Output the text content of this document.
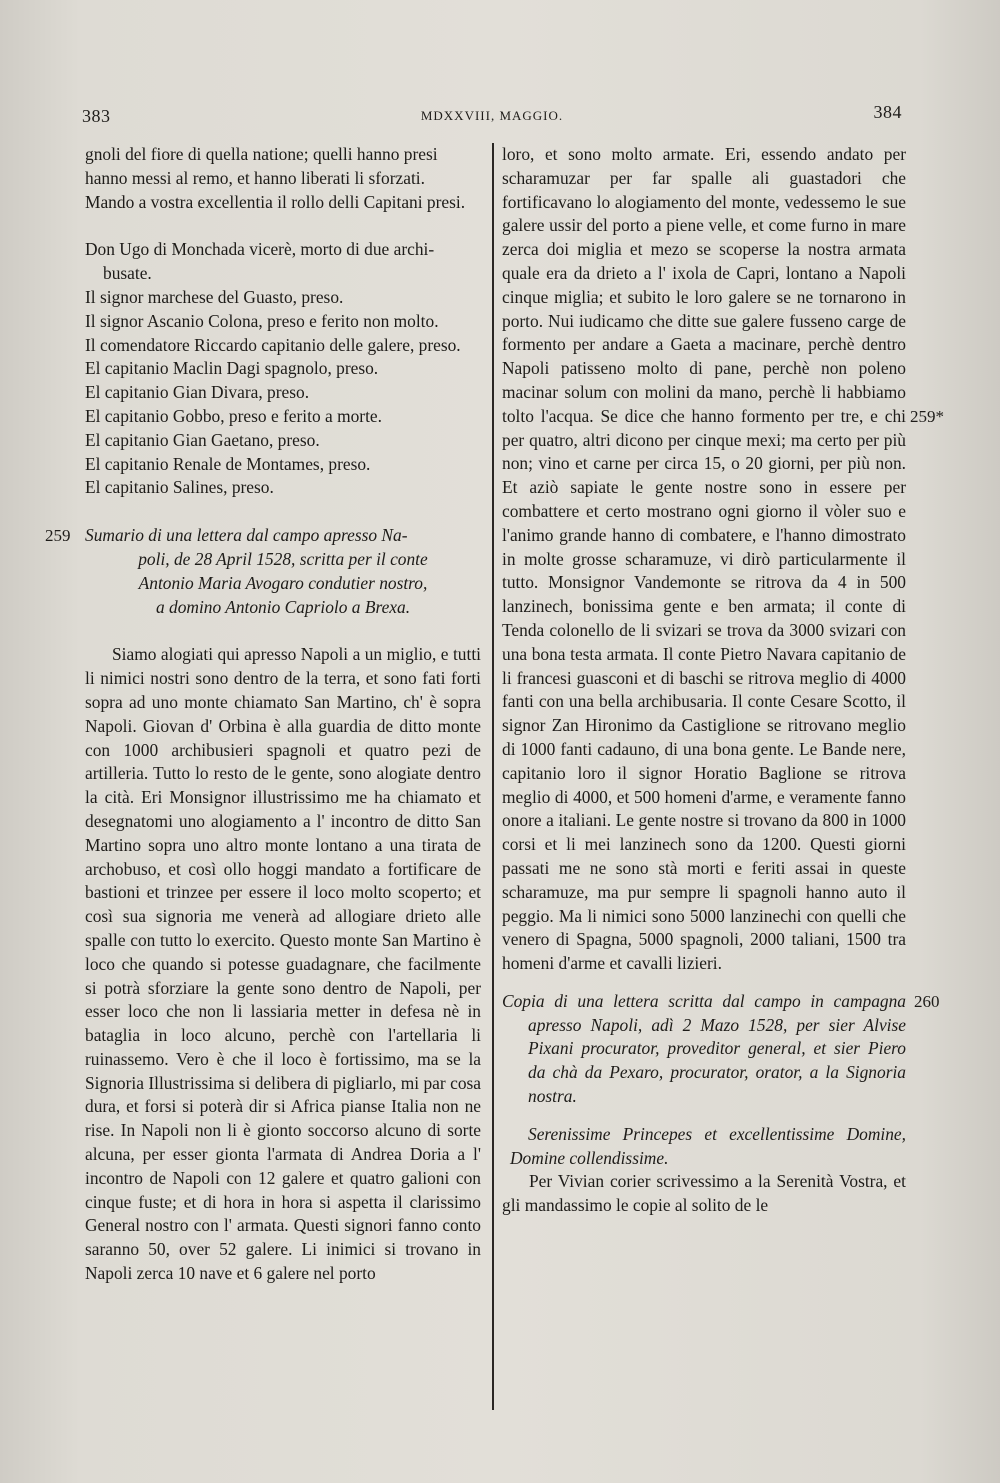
383	MDXXVIII, MAGGIO.	384

gnoli del fiore di quella natione; quelli hanno presi

hanno messi al remo, et hanno liberati li sforzati.

Mando a vostra excellentia il rollo delli Capitani presi.

Don Ugo di Monchada vicerè, morto di due archi-busate.

Il signor marchese del Guasto, preso.

Il signor Ascanio Colona, preso e ferito non molto.

Il comendatore Riccardo capitanio delle galere, preso.

El capitanio Maclin Dagi spagnolo, preso.

El capitanio Gian Divara, preso.

El capitanio Gobbo, preso e ferito a morte.

El capitanio Gian Gaetano, preso.

El capitanio Renale de Montames, preso.

El capitanio Salines, preso.

259 Sumario di una lettera dal campo apresso Na-
poli, de 28 April 1528, scritta per il conte
Antonio Maria Avogaro condutier nostro,
a domino Antonio Capriolo a Brexa.

Siamo alogiati qui apresso Napoli a un miglio, e tutti li nimici nostri sono dentro de la terra, et sono fati forti sopra ad uno monte chiamato San Martino, ch' è sopra Napoli. Giovan d' Orbina è alla guardia de ditto monte con 1000 archibusieri spagnoli et quatro pezi de artilleria. Tutto lo resto de le gente, sono alogiate dentro la cità. Eri Monsignor illustrissimo me ha chiamato et desegnatomi uno alogiamento a l' incontro de ditto San Martino sopra uno altro monte lontano a una tirata de archobuso, et così ollo hoggi mandato a fortificare de bastioni et trinzee per essere il loco molto scoperto; et così sua signoria me venerà ad allogiare drieto alle spalle con tutto lo exercito. Questo monte San Martino è loco che quando si potesse guadagnare, che facilmente si potrà sforziare la gente sono dentro de Napoli, per esser loco che non li lassiaria metter in defesa nè in bataglia in loco alcuno, perchè con l'artellaria li ruinassemo. Vero è che il loco è fortissimo, ma se la Signoria Illustrissima si delibera di pigliarlo, mi par cosa dura, et forsi si poterà dir si Africa pianse Italia non ne rise. In Napoli non li è gionto soccorso alcuno di sorte alcuna, per esser gionta l'armata di Andrea Doria a l' incontro de Napoli con 12 galere et quatro galioni con cinque fuste; et di hora in hora si aspetta il clarissimo General nostro con l' armata. Questi signori fanno conto saranno 50, over 52 galere. Li inimici si trovano in Napoli zerca 10 nave et 6 galere nel porto

259*

loro, et sono molto armate. Eri, essendo andato per scharamuzar per far spalle ali guastadori che fortificavano lo alogiamento del monte, vedessemo le sue galere ussir del porto a piene velle, et come furno in mare zerca doi miglia et mezo se scoperse la nostra armata quale era da drieto a l' ixola de Capri, lontano a Napoli cinque miglia; et subito le loro galere se ne tornarono in porto. Nui iudicamo che ditte sue galere fusseno carge de formento per andare a Gaeta a macinare, perchè dentro Napoli patisseno molto di pane, perchè non poleno macinar solum con molini da mano, perchè li habbiamo tolto l'acqua. Se dice che hanno formento per tre, e chi per quatro, altri dicono per cinque mexi; ma certo per più non; vino et carne per circa 15, o 20 giorni, per più non. Et aziò sapiate le gente nostre sono in essere per combattere et certo mostrano ogni giorno il vòler suo e l'animo grande hanno di combatere, e l'hanno dimostrato in molte grosse scharamuze, vi dirò particularmente il tutto. Monsignor Vandemonte se ritrova da 4 in 500 lanzinech, bonissima gente e ben armata; il conte di Tenda colonello de li svizari se trova da 3000 svizari con una bona testa armata. Il conte Pietro Navara capitanio de li francesi guasconi et di baschi se ritrova meglio di 4000 fanti con una bella archibusaria. Il conte Cesare Scotto, il signor Zan Hironimo da Castiglione se ritrovano meglio di 1000 fanti cadauno, di una bona gente. Le Bande nere, capitanio loro il signor Horatio Baglione se ritrova meglio di 4000, et 500 homeni d'arme, e veramente fanno onore a italiani. Le gente nostre si trovano da 800 in 1000 corsi et li mei lanzinech sono da 1200. Questi giorni passati me ne sono stà morti e feriti assai in queste scharamuze, ma pur sempre li spagnoli hanno auto il peggio. Ma li nimici sono 5000 lanzinechi con quelli che venero di Spagna, 5000 spagnoli, 2000 taliani, 1500 tra homeni d'arme et cavalli lizieri.

260

Copia di una lettera scritta dal campo in campagna apresso Napoli, adì 2 Mazo 1528, per sier Alvise Pixani procurator, proveditor general, et sier Piero da chà da Pexaro, procurator, orator, a la Signoria nostra.

Serenissime Princepes et excellentissime Domine, Domine collendissime.

Per Vivian corier scrivessimo a la Serenità Vostra, et gli mandassimo le copie al solito de le
